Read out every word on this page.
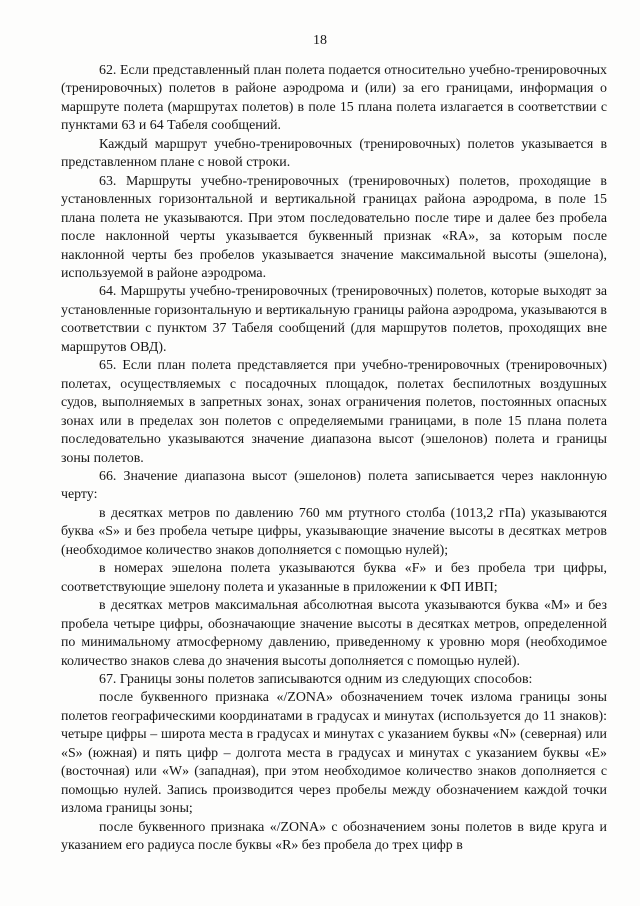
18

62. Если представленный план полета подается относительно учебно-тренировочных (тренировочных) полетов в районе аэродрома и (или) за его границами, информация о маршруте полета (маршрутах полетов) в поле 15 плана полета излагается в соответствии с пунктами 63 и 64 Табеля сообщений.

Каждый маршрут учебно-тренировочных (тренировочных) полетов указывается в представленном плане с новой строки.

63. Маршруты учебно-тренировочных (тренировочных) полетов, проходящие в установленных горизонтальной и вертикальной границах района аэродрома, в поле 15 плана полета не указываются. При этом последовательно после тире и далее без пробела после наклонной черты указывается буквенный признак «RA», за которым после наклонной черты без пробелов указывается значение максимальной высоты (эшелона), используемой в районе аэродрома.

64. Маршруты учебно-тренировочных (тренировочных) полетов, которые выходят за установленные горизонтальную и вертикальную границы района аэродрома, указываются в соответствии с пунктом 37 Табеля сообщений (для маршрутов полетов, проходящих вне маршрутов ОВД).

65. Если план полета представляется при учебно-тренировочных (тренировочных) полетах, осуществляемых с посадочных площадок, полетах беспилотных воздушных судов, выполняемых в запретных зонах, зонах ограничения полетов, постоянных опасных зонах или в пределах зон полетов с определяемыми границами, в поле 15 плана полета последовательно указываются значение диапазона высот (эшелонов) полета и границы зоны полетов.

66. Значение диапазона высот (эшелонов) полета записывается через наклонную черту:

в десятках метров по давлению 760 мм ртутного столба (1013,2 гПа) указываются буква «S» и без пробела четыре цифры, указывающие значение высоты в десятках метров (необходимое количество знаков дополняется с помощью нулей);

в номерах эшелона полета указываются буква «F» и без пробела три цифры, соответствующие эшелону полета и указанные в приложении к ФП ИВП;

в десятках метров максимальная абсолютная высота указываются буква «M» и без пробела четыре цифры, обозначающие значение высоты в десятках метров, определенной по минимальному атмосферному давлению, приведенному к уровню моря (необходимое количество знаков слева до значения высоты дополняется с помощью нулей).

67. Границы зоны полетов записываются одним из следующих способов:

после буквенного признака «/ZONA» обозначением точек излома границы зоны полетов географическими координатами в градусах и минутах (используется до 11 знаков): четыре цифры – широта места в градусах и минутах с указанием буквы «N» (северная) или «S» (южная) и пять цифр – долгота места в градусах и минутах с указанием буквы «E» (восточная) или «W» (западная), при этом необходимое количество знаков дополняется с помощью нулей. Запись производится через пробелы между обозначением каждой точки излома границы зоны;

после буквенного признака «/ZONA» с обозначением зоны полетов в виде круга и указанием его радиуса после буквы «R» без пробела до трех цифр в
